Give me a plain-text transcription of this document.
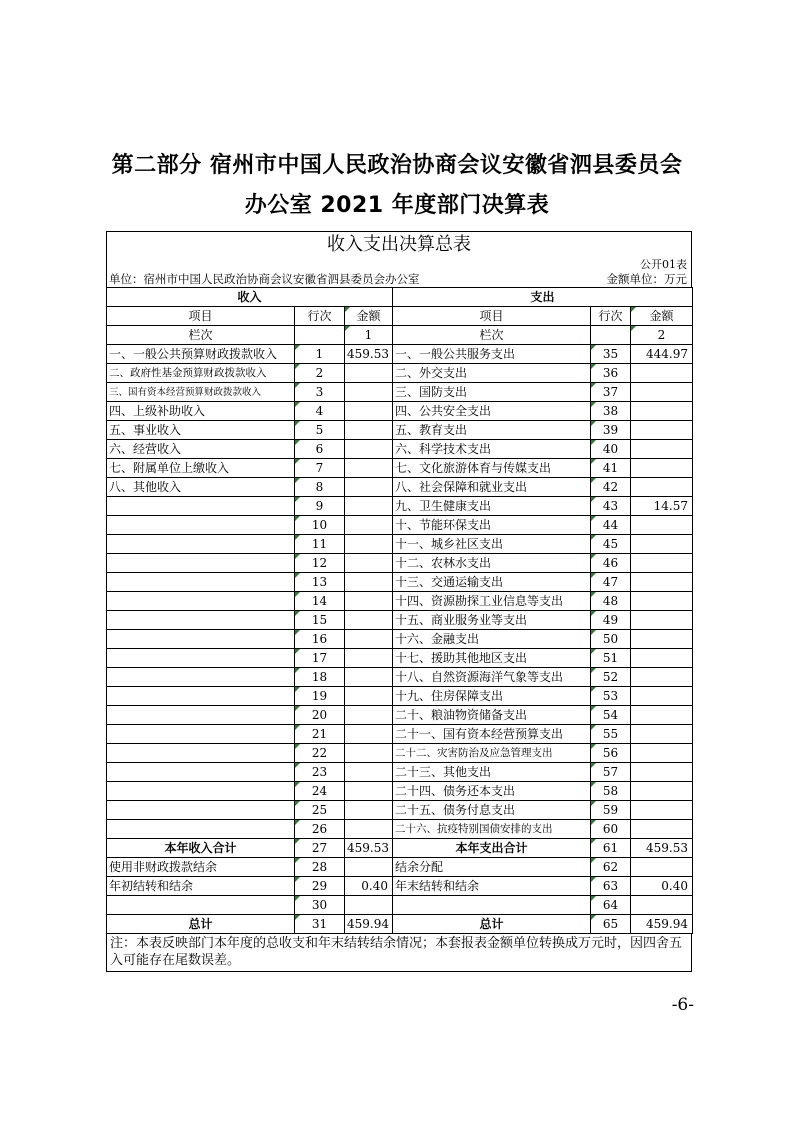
第二部分 宿州市中国人民政治协商会议安徽省泗县委员会
办公室 2021 年度部门决算表
收入支出决算总表
公开01表
单位：宿州市中国人民政治协商会议安徽省泗县委员会办公室	金额单位：万元
收入			支出		
项目	行次	金额	项目	行次	金额
栏次		1	栏次		2
一、一般公共预算财政拨款收入	1	459.53	一、一般公共服务支出	35	444.97
二、政府性基金预算财政拨款收入	2		二、外交支出	36	
三、国有资本经营预算财政拨款收入	3		三、国防支出	37	
四、上级补助收入	4		四、公共安全支出	38	
五、事业收入	5		五、教育支出	39	
六、经营收入	6		六、科学技术支出	40	
七、附属单位上缴收入	7		七、文化旅游体育与传媒支出	41	
八、其他收入	8		八、社会保障和就业支出	42	
	9		九、卫生健康支出	43	14.57
	10		十、节能环保支出	44	
	11		十一、城乡社区支出	45	
	12		十二、农林水支出	46	
	13		十三、交通运输支出	47	
	14		十四、资源勘探工业信息等支出	48	
	15		十五、商业服务业等支出	49	
	16		十六、金融支出	50	
	17		十七、援助其他地区支出	51	
	18		十八、自然资源海洋气象等支出	52	
	19		十九、住房保障支出	53	
	20		二十、粮油物资储备支出	54	
	21		二十一、国有资本经营预算支出	55	
	22		二十二、灾害防治及应急管理支出	56	
	23		二十三、其他支出	57	
	24		二十四、债务还本支出	58	
	25		二十五、债务付息支出	59	
	26		二十六、抗疫特别国债安排的支出	60	
本年收入合计	27	459.53	本年支出合计	61	459.53
使用非财政拨款结余	28		结余分配	62	
年初结转和结余	29	0.40	年末结转和结余	63	0.40
	30			64	
总计	31	459.94	总计	65	459.94
注：本表反映部门本年度的总收支和年末结转结余情况；本套报表金额单位转换成万元时，因四舍五入可能存在尾数误差。
-6-
